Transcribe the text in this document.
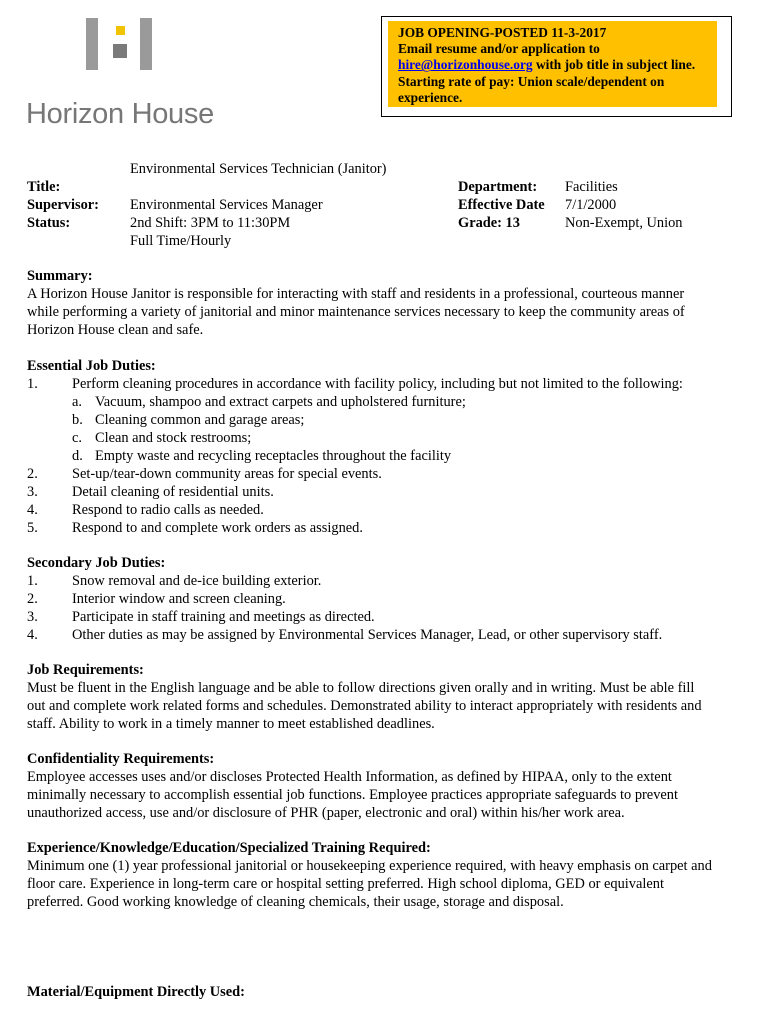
Horizon House
JOB OPENING-POSTED 11-3-2017
Email resume and/or application to
hire@horizonhouse.org with job title in subject line.
Starting rate of pay: Union scale/dependent on
experience.
Environmental Services Technician (Janitor)
Title:
Supervisor: Environmental Services Manager
Status:	2nd Shift: 3PM to 11:30PM
Full Time/Hourly
Department: Facilities
Effective Date 7/1/2000
Grade: 13	Non-Exempt, Union
Summary:
A Horizon House Janitor is responsible for interacting with staff and residents in a professional, courteous manner
while performing a variety of janitorial and minor maintenance services necessary to keep the community areas of
Horizon House clean and safe.
Essential Job Duties:
1. Perform cleaning procedures in accordance with facility policy, including but not limited to the following:
a. Vacuum, shampoo and extract carpets and upholstered furniture;
b. Cleaning common and garage areas;
c. Clean and stock restrooms;
d. Empty waste and recycling receptacles throughout the facility
2. Set-up/tear-down community areas for special events.
3. Detail cleaning of residential units.
4. Respond to radio calls as needed.
5. Respond to and complete work orders as assigned.
Secondary Job Duties:
1. Snow removal and de-ice building exterior.
2. Interior window and screen cleaning.
3. Participate in staff training and meetings as directed.
4. Other duties as may be assigned by Environmental Services Manager, Lead, or other supervisory staff.
Job Requirements:
Must be fluent in the English language and be able to follow directions given orally and in writing. Must be able fill
out and complete work related forms and schedules. Demonstrated ability to interact appropriately with residents and
staff. Ability to work in a timely manner to meet established deadlines.
Confidentiality Requirements:
Employee accesses uses and/or discloses Protected Health Information, as defined by HIPAA, only to the extent
minimally necessary to accomplish essential job functions. Employee practices appropriate safeguards to prevent
unauthorized access, use and/or disclosure of PHR (paper, electronic and oral) within his/her work area.
Experience/Knowledge/Education/Specialized Training Required:
Minimum one (1) year professional janitorial or housekeeping experience required, with heavy emphasis on carpet and
floor care. Experience in long-term care or hospital setting preferred. High school diploma, GED or equivalent
preferred. Good working knowledge of cleaning chemicals, their usage, storage and disposal.
Material/Equipment Directly Used:
